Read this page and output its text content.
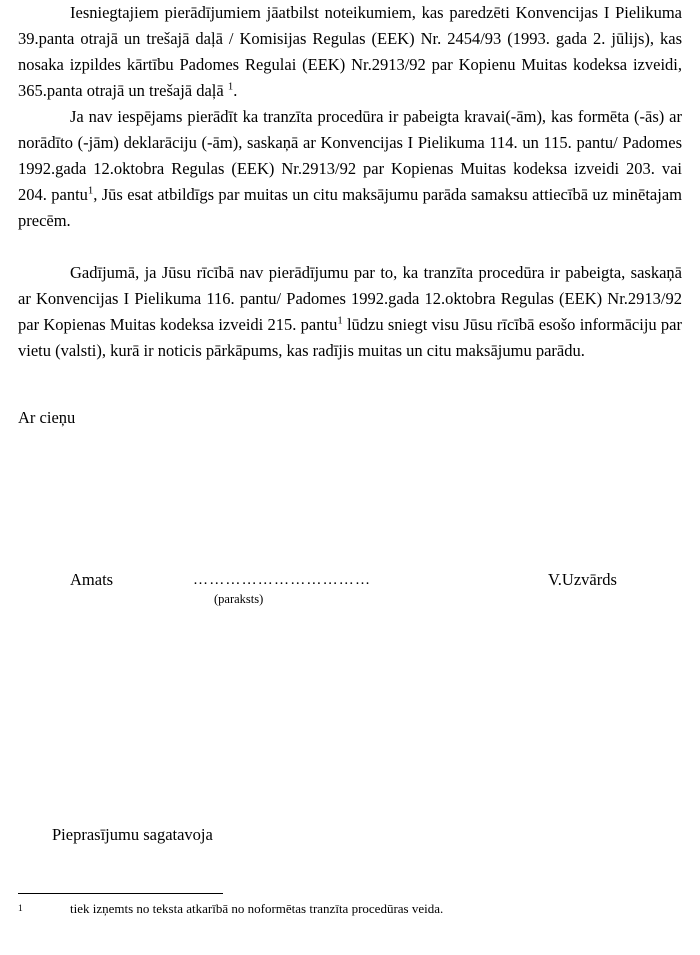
Iesniegtajiem pierādījumiem jāatbilst noteikumiem, kas paredzēti Konvencijas I Pielikuma 39.panta otrajā un trešajā daļā / Komisijas Regulas (EEK) Nr. 2454/93 (1993. gada 2. jūlijs), kas nosaka izpildes kārtību Padomes Regulai (EEK) Nr.2913/92 par Kopienu Muitas kodeksa izveidi, 365.panta otrajā un trešajā daļā $^1$.

Ja nav iespējams pierādīt ka tranzīta procedūra ir pabeigta kravai(-ām), kas formēta (-ās) ar norādīto (-jām) deklarāciju (-ām), saskaņā ar Konvencijas I Pielikuma 114. un 115. pantu/ Padomes 1992.gada 12.oktobra Regulas (EEK) Nr.2913/92 par Kopienas Muitas kodeksa izveidi 203. vai 204. pantu$^1$, Jūs esat atbildīgs par muitas un citu maksājumu parāda samaksu attiecībā uz minētajam precēm.

Gadījumā, ja Jūsu rīcībā nav pierādījumu par to, ka tranzīta procedūra ir pabeigta, saskaņā ar Konvencijas I Pielikuma 116. pantu/ Padomes 1992.gada 12.oktobra Regulas (EEK) Nr.2913/92 par Kopienas Muitas kodeksa izveidi 215. pantu$^1$ lūdzu sniegt visu Jūsu rīcībā esošo informāciju par vietu (valsti), kurā ir noticis pārkāpums, kas radījis muitas un citu maksājumu parādu.

Ar cieņu
Amats	……………………………
(paraksts)
V.Uzvārds
Pieprasījumu sagatavoja
1	tiek izņemts no teksta atkarībā no noformētas tranzīta procedūras veida.
